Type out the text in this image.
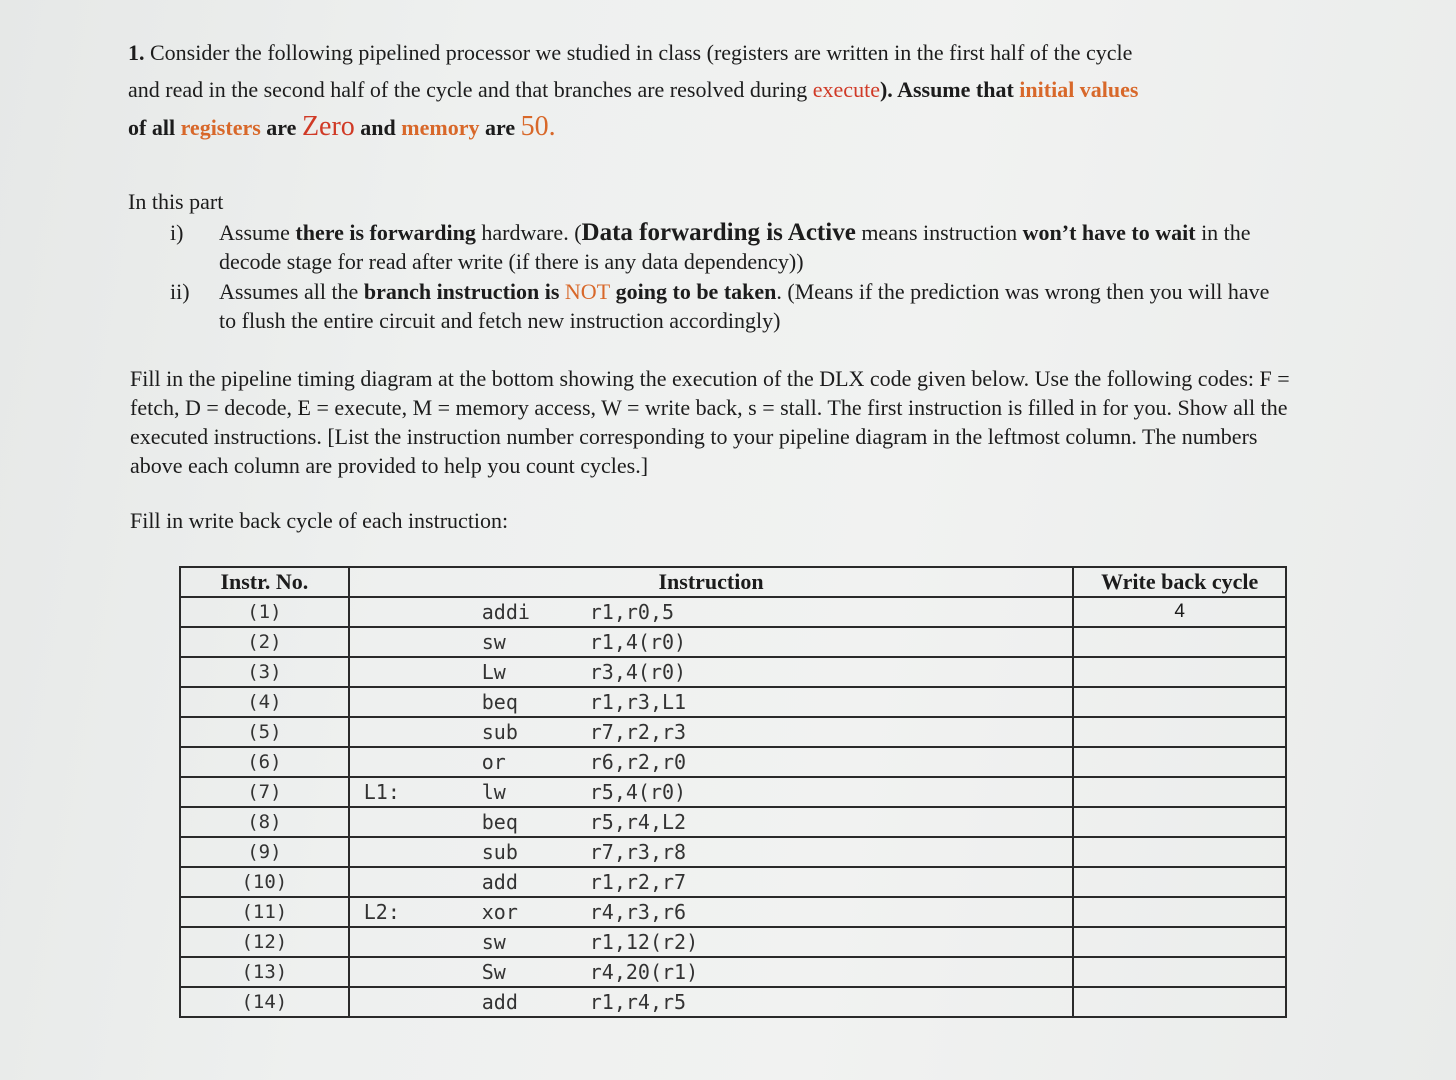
1. Consider the following pipelined processor we studied in class (registers are written in the first half of the cycle
and read in the second half of the cycle and that branches are resolved during execute). Assume that initial values
of all registers are Zero and memory are 50.
In this part
i)	Assume there is forwarding hardware. (Data forwarding is Active means instruction won’t have to wait in the decode stage for read after write (if there is any data dependency))
ii)	Assumes all the branch instruction is NOT going to be taken. (Means if the prediction was wrong then you will have to flush the entire circuit and fetch new instruction accordingly)
Fill in the pipeline timing diagram at the bottom showing the execution of the DLX code given below. Use the following codes: F = fetch, D = decode, E = execute, M = memory access, W = write back, s = stall. The first instruction is filled in for you. Show all the executed instructions. [List the instruction number corresponding to your pipeline diagram in the leftmost column. The numbers above each column are provided to help you count cycles.]
Fill in write back cycle of each instruction:
Instr. No.	Instruction	Write back cycle
(1)	addi r1,r0,5	4
(2)	sw r1,4(r0)	

(3)	Lw r3,4(r0)	

(4)	beq r1,r3,L1	

(5)	sub r7,r2,r3	

(6)	or r6,r2,r0	

(7)	L1: lw r5,4(r0)	

(8)	beq r5,r4,L2	

(9)	sub r7,r3,r8	

(10)	add r1,r2,r7	

(11)	L2: xor r4,r3,r6	

(12)	sw r1,12(r2)	

(13)	Sw r4,20(r1)	

(14)	add r1,r4,r5	
